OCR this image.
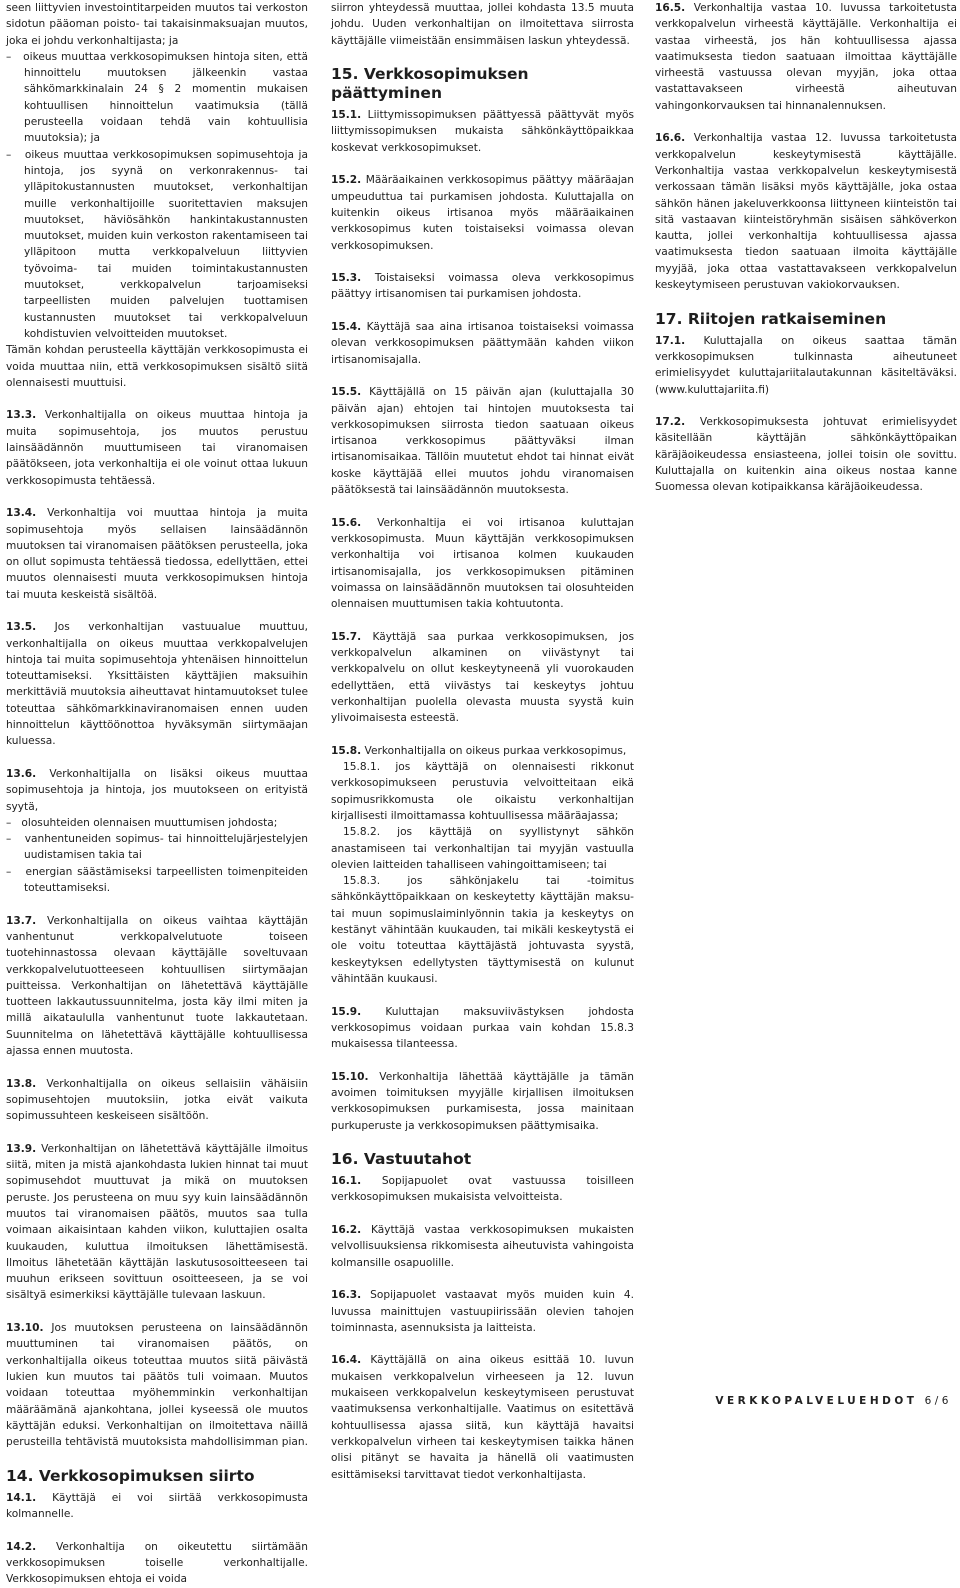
seen liittyvien investointitarpeiden muutos tai verkoston sidotun pääoman poisto- tai takaisinmaksuajan muutos, joka ei johdu verkonhaltijasta; ja

–   oikeus muuttaa verkkosopimuksen hintoja siten, että hinnoittelu muutoksen jälkeenkin vastaa sähkömarkkinalain 24 § 2 momentin mukaisen kohtuullisen hinnoittelun vaatimuksia (tällä perusteella voidaan tehdä vain kohtuullisia muutoksia); ja
–   oikeus muuttaa verkkosopimuksen sopimusehtoja ja hintoja, jos syynä on verkonrakennus- tai ylläpitokustannusten muutokset, verkonhaltijan muille verkonhaltijoille suoritettavien maksujen muutokset, häviösähkön hankintakustannusten muutokset, muiden kuin verkoston rakentamiseen tai ylläpitoon mutta verkkopalveluun liittyvien työvoima- tai muiden toimintakustannusten muutokset, verkkopalvelun tarjoamiseksi tarpeellisten muiden palvelujen tuottamisen kustannusten muutokset tai verkkopalveluun kohdistuvien velvoitteiden muutokset.

Tämän kohdan perusteella käyttäjän verkkosopimusta ei voida muuttaa niin, että verkkosopimuksen sisältö siitä olennaisesti muuttuisi.

13.3. Verkonhaltijalla on oikeus muuttaa hintoja ja muita sopimusehtoja, jos muutos perustuu lainsäädännön muuttumiseen tai viranomaisen päätökseen, jota verkonhaltija ei ole voinut ottaa lukuun verkkosopimusta tehtäessä.

13.4. Verkonhaltija voi muuttaa hintoja ja muita sopimusehtoja myös sellaisen lainsäädännön muutoksen tai viranomaisen päätöksen perusteella, joka on ollut sopimusta tehtäessä tiedossa, edellyttäen, ettei muutos olennaisesti muuta verkkosopimuksen hintoja tai muuta keskeistä sisältöä.

13.5. Jos verkonhaltijan vastuualue muuttuu, verkonhaltijalla on oikeus muuttaa verkkopalvelujen hintoja tai muita sopimusehtoja yhtenäisen hinnoittelun toteuttamiseksi. Yksittäisten käyttäjien maksuihin merkittäviä muutoksia aiheuttavat hintamuutokset tulee toteuttaa sähkömarkkinaviranomaisen ennen uuden hinnoittelun käyttöönottoa hyväksymän siirtymäajan kuluessa.

13.6. Verkonhaltijalla on lisäksi oikeus muuttaa sopimusehtoja ja hintoja, jos muutokseen on erityistä syytä,

–   olosuhteiden olennaisen muuttumisen johdosta;
–   vanhentuneiden sopimus- tai hinnoittelujärjestelyjen uudistamisen takia tai
–   energian säästämiseksi tarpeellisten toimenpiteiden toteuttamiseksi.

13.7. Verkonhaltijalla on oikeus vaihtaa käyttäjän vanhentunut verkkopalvelutuote toiseen tuotehinnastossa olevaan käyttäjälle soveltuvaan verkkopalvelutuotteeseen kohtuullisen siirtymäajan puitteissa. Verkonhaltijan on lähetettävä käyttäjälle tuotteen lakkautussuunnitelma, josta käy ilmi miten ja millä aikataululla vanhentunut tuote lakkautetaan. Suunnitelma on lähetettävä käyttäjälle kohtuullisessa ajassa ennen muutosta.

13.8. Verkonhaltijalla on oikeus sellaisiin vähäisiin sopimusehtojen muutoksiin, jotka eivät vaikuta sopimussuhteen keskeiseen sisältöön.

13.9. Verkonhaltijan on lähetettävä käyttäjälle ilmoitus siitä, miten ja mistä ajankohdasta lukien hinnat tai muut sopimusehdot muuttuvat ja mikä on muutoksen peruste. Jos perusteena on muu syy kuin lainsäädännön muutos tai viranomaisen päätös, muutos saa tulla voimaan aikaisintaan kahden viikon, kuluttajien osalta kuukauden, kuluttua ilmoituksen lähettämisestä. Ilmoitus lähetetään käyttäjän laskutusosoitteeseen tai muuhun erikseen sovittuun osoitteeseen, ja se voi sisältyä esimerkiksi käyttäjälle tulevaan laskuun.

13.10. Jos muutoksen perusteena on lainsäädännön muuttuminen tai viranomaisen päätös, on verkonhaltijalla oikeus toteuttaa muutos siitä päivästä lukien kun muutos tai päätös tuli voimaan. Muutos voidaan toteuttaa myöhemminkin verkonhaltijan määräämänä ajankohtana, jollei kyseessä ole muutos käyttäjän eduksi. Verkonhaltijan on ilmoitettava näillä perusteilla tehtävistä muutoksista mahdollisimman pian.

14. Verkkosopimuksen siirto

14.1. Käyttäjä ei voi siirtää verkkosopimusta kolmannelle.

14.2. Verkonhaltija on oikeutettu siirtämään verkkosopimuksen toiselle verkonhaltijalle. Verkkosopimuksen ehtoja ei voida

siirron yhteydessä muuttaa, jollei kohdasta 13.5 muuta johdu. Uuden verkonhaltijan on ilmoitettava siirrosta käyttäjälle viimeistään ensimmäisen laskun yhteydessä.

15. Verkkosopimuksen päättyminen

15.1. Liittymissopimuksen päättyessä päättyvät myös liittymissopimuksen mukaista sähkönkäyttöpaikkaa koskevat verkkosopimukset.

15.2. Määräaikainen verkkosopimus päättyy määräajan umpeuduttua tai purkamisen johdosta. Kuluttajalla on kuitenkin oikeus irtisanoa myös määräaikainen verkkosopimus kuten toistaiseksi voimassa olevan verkkosopimuksen.

15.3. Toistaiseksi voimassa oleva verkkosopimus päättyy irtisanomisen tai purkamisen johdosta.

15.4. Käyttäjä saa aina irtisanoa toistaiseksi voimassa olevan verkkosopimuksen päättymään kahden viikon irtisanomisajalla.

15.5. Käyttäjällä on 15 päivän ajan (kuluttajalla 30 päivän ajan) ehtojen tai hintojen muutoksesta tai verkkosopimuksen siirrosta tiedon saatuaan oikeus irtisanoa verkkosopimus päättyväksi ilman irtisanomisaikaa. Tällöin muutetut ehdot tai hinnat eivät koske käyttäjää ellei muutos johdu viranomaisen päätöksestä tai lainsäädännön muutoksesta.

15.6. Verkonhaltija ei voi irtisanoa kuluttajan verkkosopimusta. Muun käyttäjän verkkosopimuksen verkonhaltija voi irtisanoa kolmen kuukauden irtisanomisajalla, jos verkkosopimuksen pitäminen voimassa on lainsäädännön muutoksen tai olosuhteiden olennaisen muuttumisen takia kohtuutonta.

15.7. Käyttäjä saa purkaa verkkosopimuksen, jos verkkopalvelun alkaminen on viivästynyt tai verkkopalvelu on ollut keskeytyneenä yli vuorokauden edellyttäen, että viivästys tai keskeytys johtuu verkonhaltijan puolella olevasta muusta syystä kuin ylivoimaisesta esteestä.

15.8. Verkonhaltijalla on oikeus purkaa verkkosopimus,

15.8.1. jos käyttäjä on olennaisesti rikkonut verkkosopimukseen perustuvia velvoitteitaan eikä sopimusrikkomusta ole oikaistu verkonhaltijan kirjallisesti ilmoittamassa kohtuullisessa määräajassa;
15.8.2. jos käyttäjä on syyllistynyt sähkön anastamiseen tai verkonhaltijan tai myyjän vastuulla olevien laitteiden tahalliseen vahingoittamiseen; tai
15.8.3.	jos sähkönjakelu tai -toimitus sähkönkäyttöpaikkaan on keskeytetty käyttäjän maksu- tai muun sopimuslaiminlyönnin takia ja keskeytys on kestänyt vähintään kuukauden, tai mikäli keskeytystä ei ole voitu toteuttaa käyttäjästä johtuvasta syystä, keskeytyksen edellytysten täyttymisestä on kulunut vähintään kuukausi.

15.9. Kuluttajan maksuviivästyksen johdosta verkkosopimus voidaan purkaa vain kohdan 15.8.3 mukaisessa tilanteessa.

15.10. Verkonhaltija lähettää käyttäjälle ja tämän avoimen toimituksen myyjälle kirjallisen ilmoituksen verkkosopimuksen purkamisesta, jossa mainitaan purkuperuste ja verkkosopimuksen päättymisaika.

16. Vastuutahot

16.1. Sopijapuolet ovat vastuussa toisilleen verkkosopimuksen mukaisista velvoitteista.

16.2. Käyttäjä vastaa verkkosopimuksen mukaisten velvollisuuksiensa rikkomisesta aiheutuvista vahingoista kolmansille osapuolille.

16.3. Sopijapuolet vastaavat myös muiden kuin 4. luvussa mainittujen vastuupiirissään olevien tahojen toiminnasta, asennuksista ja laitteista.

16.4. Käyttäjällä on aina oikeus esittää 10. luvun mukaisen verkkopalvelun virheeseen ja 12. luvun mukaiseen verkkopalvelun keskeytymiseen perustuvat vaatimuksensa verkonhaltijalle. Vaatimus on esitettävä kohtuullisessa ajassa siitä, kun käyttäjä havaitsi verkkopalvelun virheen tai keskeytymisen taikka hänen olisi pitänyt se havaita ja hänellä oli vaatimusten esittämiseksi tarvittavat tiedot verkonhaltijasta.

16.5. Verkonhaltija vastaa 10. luvussa tarkoitetusta verkkopalvelun virheestä käyttäjälle. Verkonhaltija ei vastaa virheestä, jos hän kohtuullisessa ajassa vaatimuksesta tiedon saatuaan ilmoittaa käyttäjälle virheestä vastuussa olevan myyjän, joka ottaa vastattavakseen virheestä aiheutuvan vahingonkorvauksen tai hinnanalennuksen.

16.6. Verkonhaltija vastaa 12. luvussa tarkoitetusta verkkopalvelun keskeytymisestä käyttäjälle. Verkonhaltija vastaa verkkopalvelun keskeytymisestä verkossaan tämän lisäksi myös käyttäjälle, joka ostaa sähkön hänen jakeluverkkoonsa liittyneen kiinteistön tai sitä vastaavan kiinteistöryhmän sisäisen sähköverkon kautta, jollei verkonhaltija kohtuullisessa ajassa vaatimuksesta tiedon saatuaan ilmoita käyttäjälle myyjää, joka ottaa vastattavakseen verkkopalvelun keskeytymiseen perustuvan vakiokorvauksen.

17. Riitojen ratkaiseminen

17.1. Kuluttajalla on oikeus saattaa tämän verkkosopimuksen tulkinnasta aiheutuneet erimielisyydet kuluttajariitalautakunnan käsiteltäväksi. (www.kuluttajariita.fi)

17.2. Verkkosopimuksesta johtuvat erimielisyydet käsitellään käyttäjän sähkönkäyttöpaikan käräjäoikeudessa ensiasteena, jollei toisin ole sovittu. Kuluttajalla on kuitenkin aina oikeus nostaa kanne Suomessa olevan kotipaikkansa käräjäoikeudessa.

VERKKOPALVELUEHDOT 6/6
